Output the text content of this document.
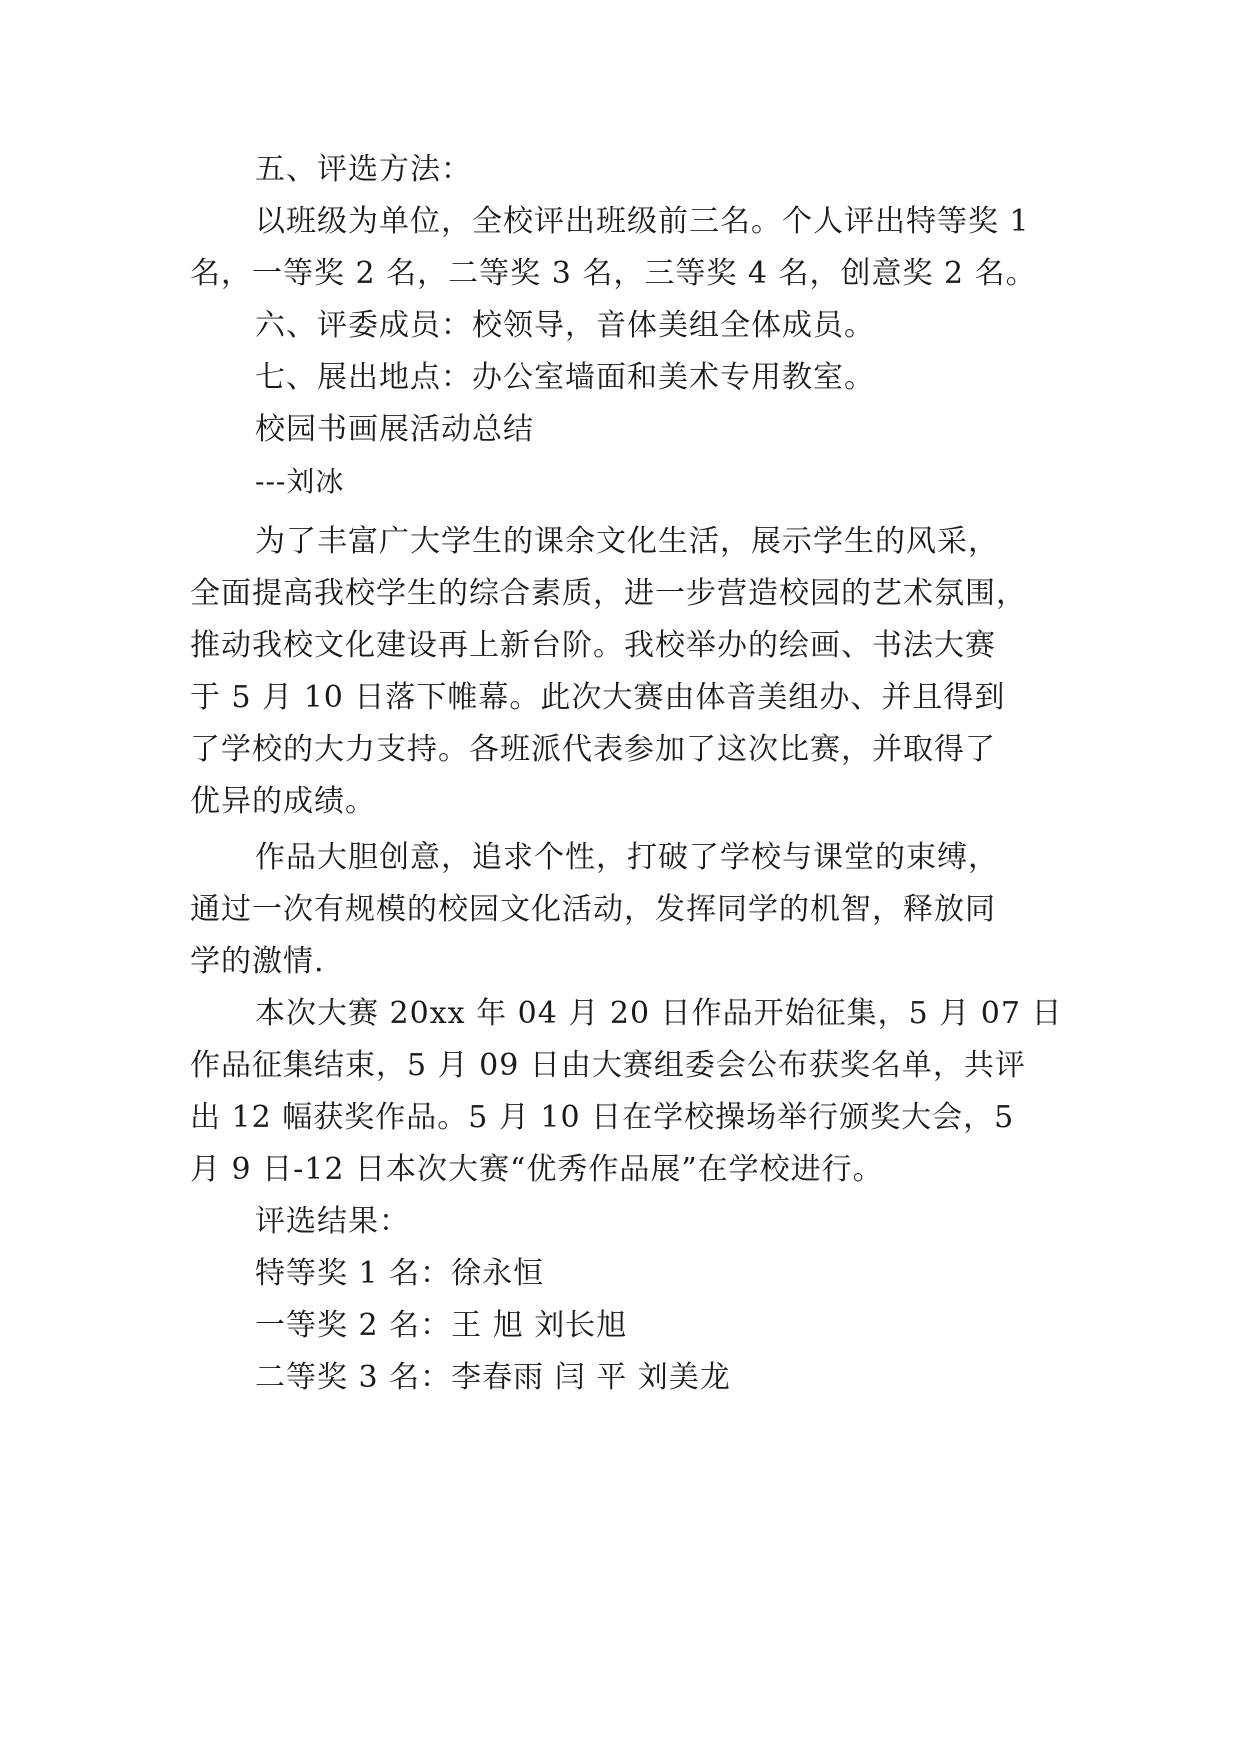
五、评选方法：
以班级为单位，全校评出班级前三名。个人评出特等奖 1
名，一等奖 2 名，二等奖 3 名，三等奖 4 名，创意奖 2 名。
六、评委成员：校领导，音体美组全体成员。
七、展出地点：办公室墙面和美术专用教室。
校园书画展活动总结
---刘冰
为了丰富广大学生的课余文化生活，展示学生的风采，
全面提高我校学生的综合素质，进一步营造校园的艺术氛围，
推动我校文化建设再上新台阶。我校举办的绘画、书法大赛
于 5 月 10 日落下帷幕。此次大赛由体音美组办、并且得到
了学校的大力支持。各班派代表参加了这次比赛，并取得了
优异的成绩。
作品大胆创意，追求个性，打破了学校与课堂的束缚，
通过一次有规模的校园文化活动，发挥同学的机智，释放同
学的激情.
本次大赛 20xx 年 04 月 20 日作品开始征集，5 月 07 日
作品征集结束，5 月 09 日由大赛组委会公布获奖名单，共评
出 12 幅获奖作品。5 月 10 日在学校操场举行颁奖大会，5
月 9 日-12 日本次大赛“优秀作品展”在学校进行。
评选结果：
特等奖 1 名：徐永恒
一等奖 2 名：王 旭 刘长旭
二等奖 3 名：李春雨 闫 平 刘美龙
